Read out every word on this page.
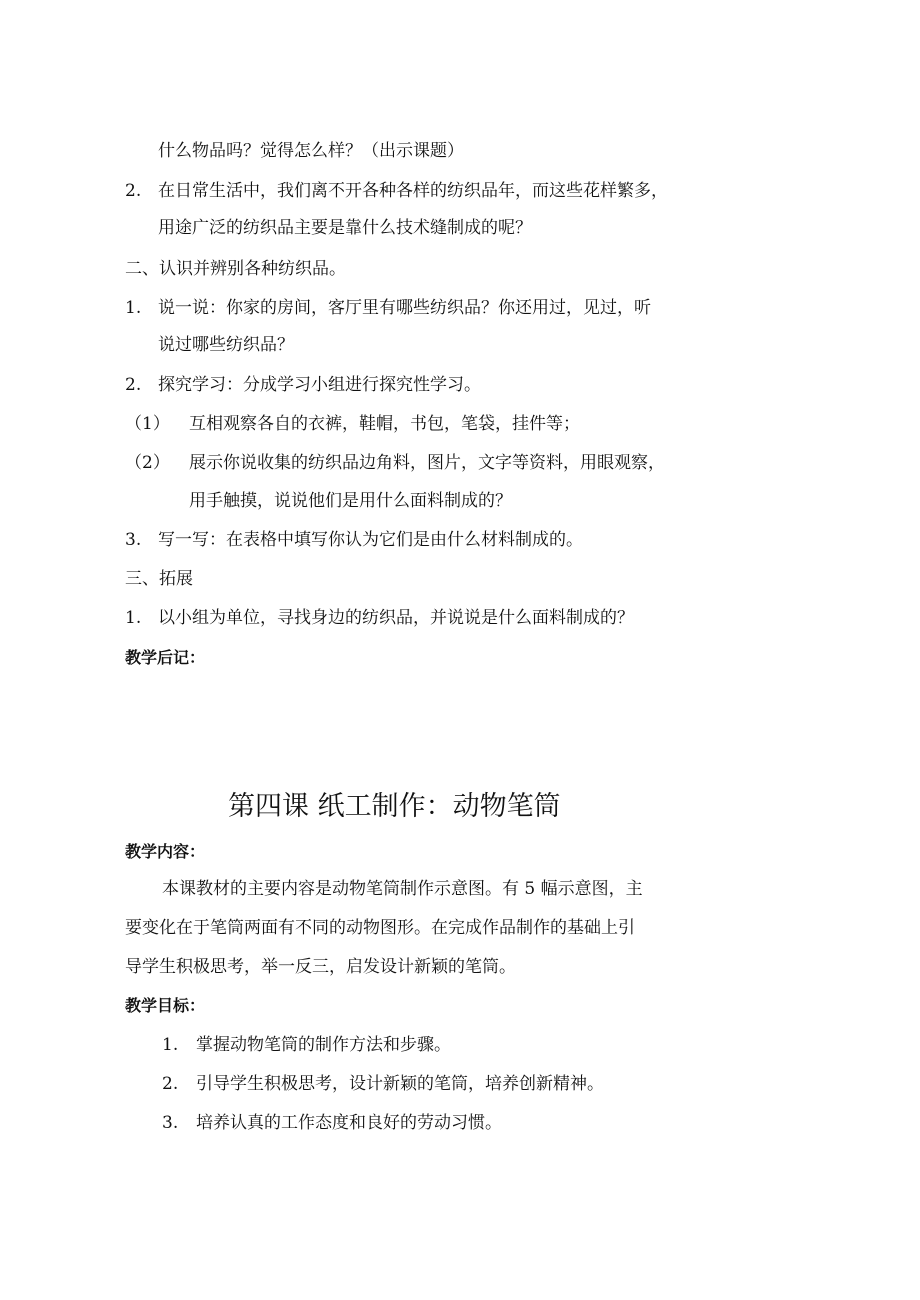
什么物品吗？觉得怎么样？（出示课题）
2. 在日常生活中，我们离不开各种各样的纺织品年，而这些花样繁多，
用途广泛的纺织品主要是靠什么技术缝制成的呢？
二、认识并辨别各种纺织品。
1. 说一说：你家的房间，客厅里有哪些纺织品？你还用过，见过，听
说过哪些纺织品？
2. 探究学习：分成学习小组进行探究性学习。
（1） 互相观察各自的衣裤，鞋帽，书包，笔袋，挂件等；
（2） 展示你说收集的纺织品边角料，图片，文字等资料，用眼观察，
用手触摸，说说他们是用什么面料制成的？
3. 写一写：在表格中填写你认为它们是由什么材料制成的。
三、拓展
1. 以小组为单位，寻找身边的纺织品，并说说是什么面料制成的？
教学后记：
第四课 纸工制作：动物笔筒
教学内容：
本课教材的主要内容是动物笔筒制作示意图。有 5 幅示意图，主
要变化在于笔筒两面有不同的动物图形。在完成作品制作的基础上引
导学生积极思考，举一反三，启发设计新颖的笔筒。
教学目标：
1. 掌握动物笔筒的制作方法和步骤。
2. 引导学生积极思考，设计新颖的笔筒，培养创新精神。
3. 培养认真的工作态度和良好的劳动习惯。
